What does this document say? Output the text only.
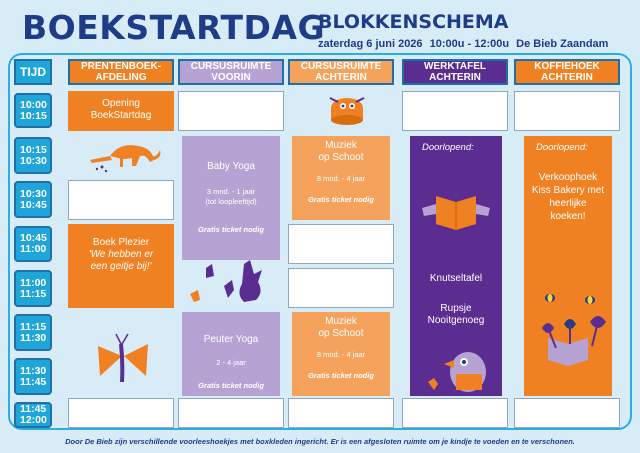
BOEKSTARTDAG
BLOKKENSCHEMA
zaterdag 6 juni 2026 10:00u - 12:00u De Bieb Zaandam
TIJD	PRENTENBOEK-
AFDELING
CURSUSRUIMTE
VOORIN
CURSUSRUIMTE
ACHTERIN
WERKTAFEL
ACHTERIN
KOFFIEHOEK
ACHTERIN
10:00
10:15
10:15
10:30
10:30
10:45
10:45
11:00
11:00
11:15
11:15
11:30
11:30
11:45
11:45
12:00
Opening
BoekStartdag
Boek Plezier
'We hebben er
een geitje bij!'
Baby Yoga
3 mnd. - 1 jaar
(tot loopleeftijd)
Gratis ticket nodig
Peuter Yoga
2 - 4 jaar
Gratis ticket nodig
Muziek
op Schoot
8 mnd. - 4 jaar
Gratis ticket nodig
Muziek
op Schoot
8 mnd. - 4 jaar
Gratis ticket nodig
Doorlopend:
Knutseltafel
Rupsje
Nooitgenoeg
Doorlopend:
Verkoophoek
Kiss Bakery met
heerlijke
koeken!
Door De Bieb zijn verschillende voorleeshoekjes met boxkleden ingericht. Er is een afgesloten ruimte om je kindje te voeden en te verschonen.
